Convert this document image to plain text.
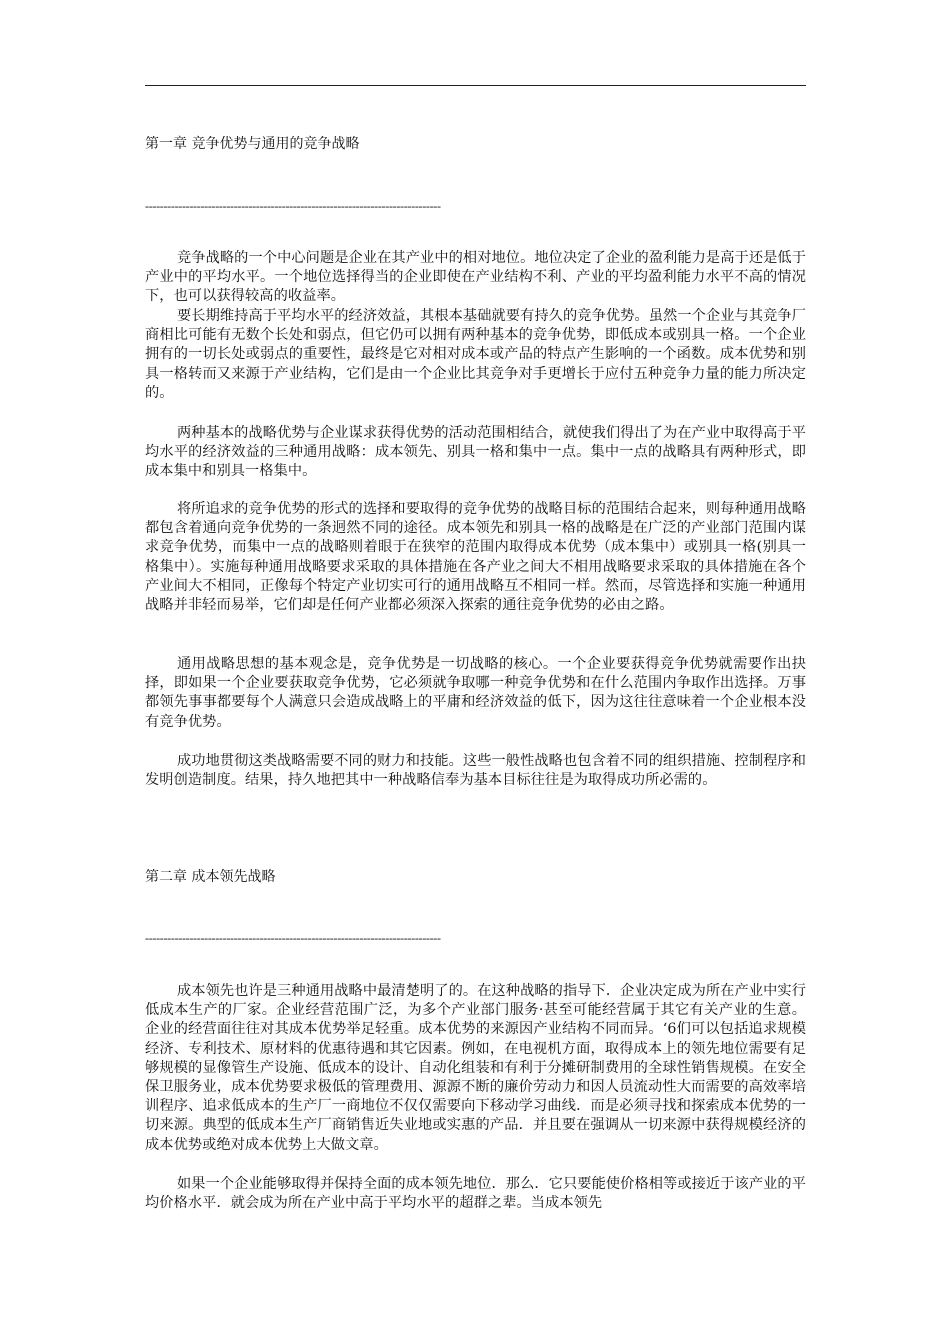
第一章 竞争优势与通用的竞争战略
--------------------------------------------------------------------------------

竞争战略的一个中心问题是企业在其产业中的相对地位。地位决定了企业的盈利能力是高于还是低于产业中的平均水平。一个地位选择得当的企业即使在产业结构不利、产业的平均盈利能力水平不高的情况下，也可以获得较高的收益率。

要长期维持高于平均水平的经济效益，其根本基础就要有持久的竞争优势。虽然一个企业与其竞争厂商相比可能有无数个长处和弱点，但它仍可以拥有两种基本的竞争优势，即低成本或别具一格。一个企业拥有的一切长处或弱点的重要性，最终是它对相对成本或产品的特点产生影响的一个函数。成本优势和别具一格转而又来源于产业结构，它们是由一个企业比其竞争对手更增长于应付五种竞争力量的能力所决定的。

两种基本的战略优势与企业谋求获得优势的活动范围相结合，就使我们得出了为在产业中取得高于平均水平的经济效益的三种通用战略：成本领先、别具一格和集中一点。集中一点的战略具有两种形式，即成本集中和别具一格集中。

将所追求的竞争优势的形式的选择和要取得的竞争优势的战略目标的范围结合起来，则每种通用战略都包含着通向竞争优势的一条迥然不同的途径。成本领先和别具一格的战略是在广泛的产业部门范围内谋求竞争优势，而集中一点的战略则着眼于在狭窄的范围内取得成本优势（成本集中）或别具一格(别具一格集中）。实施每种通用战略要求采取的具体措施在各产业之间大不相用战略要求采取的具体措施在各个产业间大不相同，正像每个特定产业切实可行的通用战略互不相同一样。然而，尽管选择和实施一种通用战略并非轻而易举，它们却是任何产业都必须深入探索的通往竞争优势的必由之路。

通用战略思想的基本观念是，竞争优势是一切战略的核心。一个企业要获得竞争优势就需要作出抉择，即如果一个企业要获取竞争优势，它必须就争取哪一种竞争优势和在什么范围内争取作出选择。万事都领先事事都要每个人满意只会造成战略上的平庸和经济效益的低下，因为这往往意味着一个企业根本没有竞争优势。

成功地贯彻这类战略需要不同的财力和技能。这些一般性战略也包含着不同的组织措施、控制程序和发明创造制度。结果，持久地把其中一种战略信奉为基本目标往往是为取得成功所必需的。

第二章 成本领先战略
--------------------------------------------------------------------------------

成本领先也许是三种通用战略中最清楚明了的。在这种战略的指导下．企业决定成为所在产业中实行低成本生产的厂家。企业经营范围广泛，为多个产业部门服务·甚至可能经营属于其它有关产业的生意。企业的经营面往往对其成本优势举足轻重。成本优势的来源因产业结构不同而异。‘6们可以包括追求规模经济、专利技术、原材料的优惠待遇和其它因素。例如，在电视机方面，取得成本上的领先地位需要有足够规模的显像管生产设施、低成本的设计、自动化组装和有利于分摊研制费用的全球性销售规模。在安全保卫服务业，成本优势要求极低的管理费用、源源不断的廉价劳动力和因人员流动性大而需要的高效率培训程序、追求低成本的生产厂一商地位不仅仅需要向下移动学习曲线．而是必须寻找和探索成本优势的一切来源。典型的低成本生产厂商销售近失业地或实惠的产品．并且要在强调从一切来源中获得规模经济的成本优势或绝对成本优势上大做文章。

如果一个企业能够取得并保持全面的成本领先地位．那么．它只要能使价格相等或接近于该产业的平均价格水平．就会成为所在产业中高于平均水平的超群之辈。当成本领先
